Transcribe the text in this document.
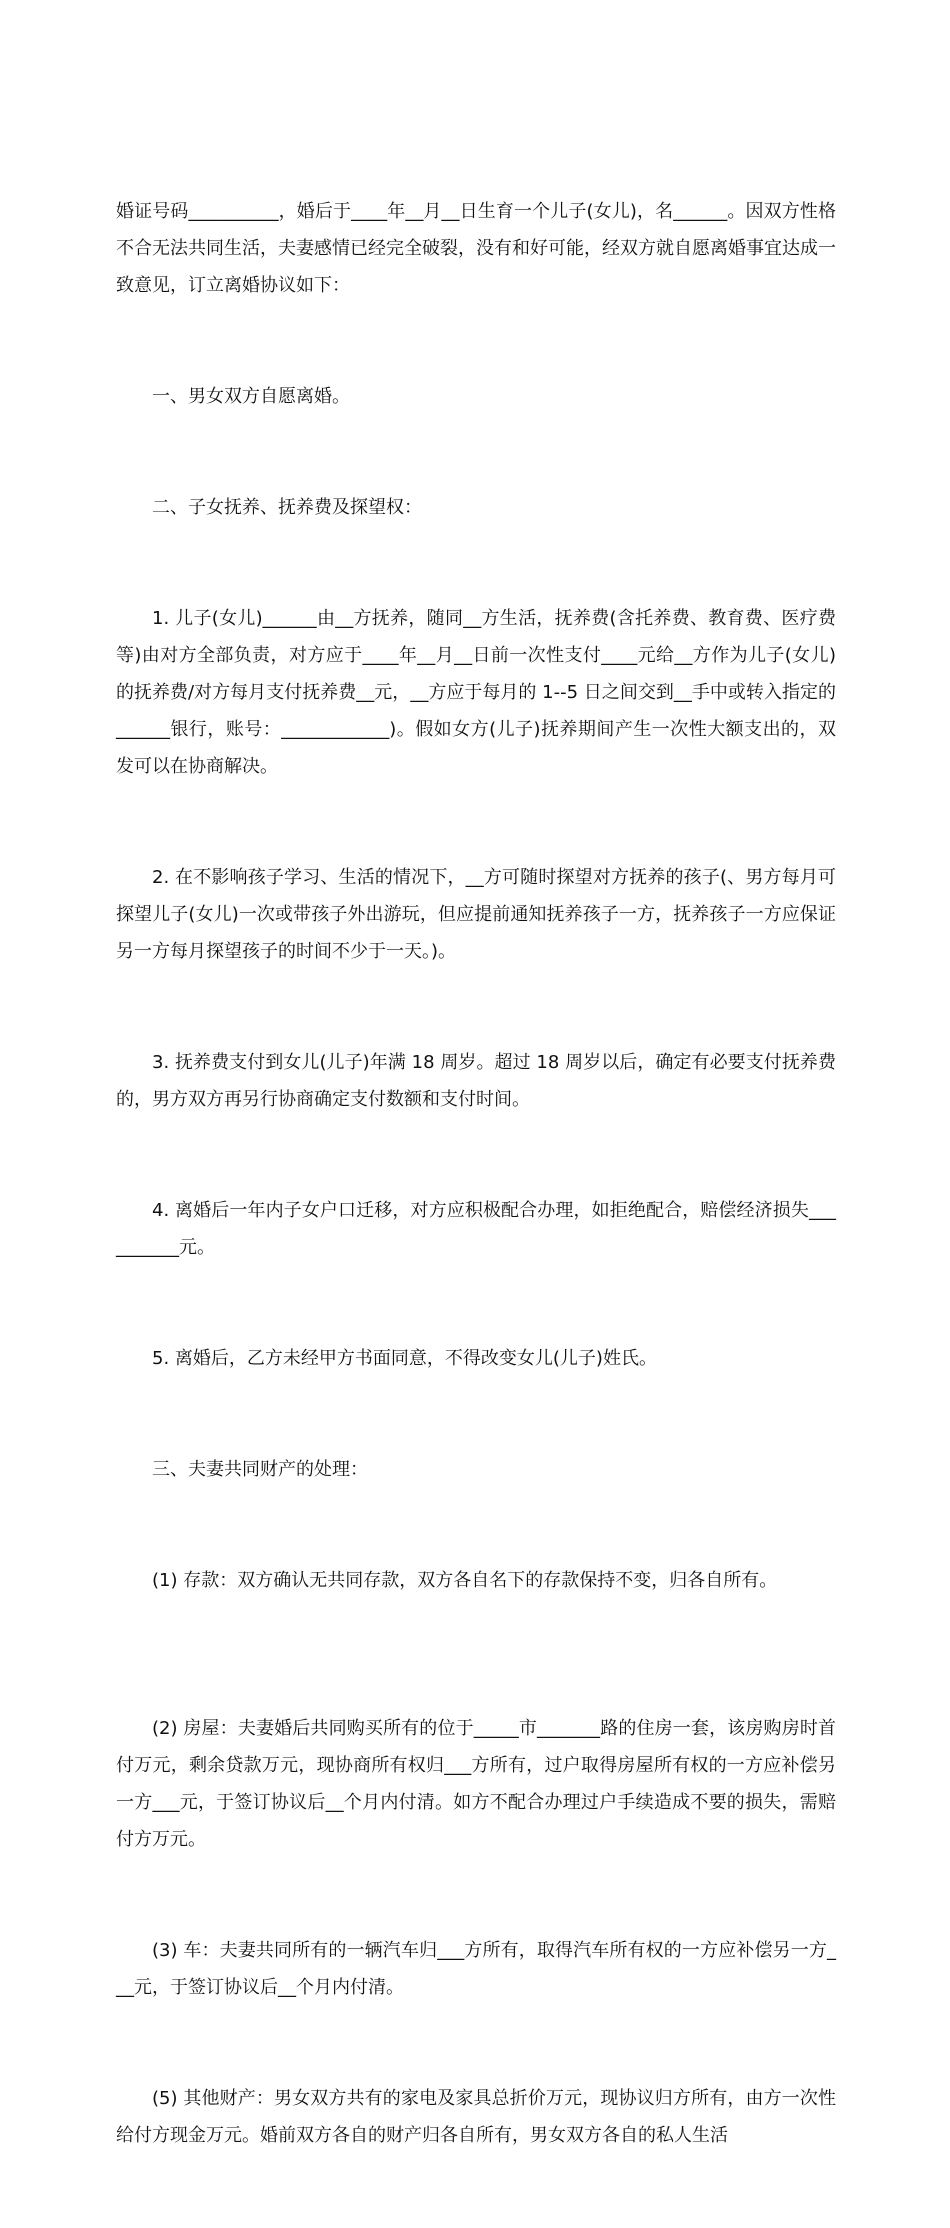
婚证号码__________，婚后于____年__月__日生育一个儿子(女儿)，名______。因双方性格不合无法共同生活，夫妻感情已经完全破裂，没有和好可能，经双方就自愿离婚事宜达成一致意见，订立离婚协议如下：

一、男女双方自愿离婚。

二、子女抚养、抚养费及探望权：

1. 儿子(女儿)______由__方抚养，随同__方生活，抚养费(含托养费、教育费、医疗费等)由对方全部负责，对方应于____年__月__日前一次性支付____元给__方作为儿子(女儿)的抚养费/对方每月支付抚养费__元，__方应于每月的 1--5 日之间交到__手中或转入指定的______银行，账号：____________)。假如女方(儿子)抚养期间产生一次性大额支出的，双发可以在协商解决。

2. 在不影响孩子学习、生活的情况下，__方可随时探望对方抚养的孩子(、男方每月可探望儿子(女儿)一次或带孩子外出游玩，但应提前通知抚养孩子一方，抚养孩子一方应保证另一方每月探望孩子的时间不少于一天。)。

3. 抚养费支付到女儿(儿子)年满 18 周岁。超过 18 周岁以后，确定有必要支付抚养费的，男方双方再另行协商确定支付数额和支付时间。

4. 离婚后一年内子女户口迁移，对方应积极配合办理，如拒绝配合，赔偿经济损失__________元。

5. 离婚后，乙方未经甲方书面同意，不得改变女儿(儿子)姓氏。

三、夫妻共同财产的处理：

(1) 存款：双方确认无共同存款，双方各自名下的存款保持不变，归各自所有。

(2) 房屋：夫妻婚后共同购买所有的位于_____市_______路的住房一套，该房购房时首付万元，剩余贷款万元，现协商所有权归___方所有，过户取得房屋所有权的一方应补偿另一方___元，于签订协议后__个月内付清。如方不配合办理过户手续造成不要的损失，需赔付方万元。

(3) 车：夫妻共同所有的一辆汽车归___方所有，取得汽车所有权的一方应补偿另一方___元，于签订协议后__个月内付清。

(5) 其他财产：男女双方共有的家电及家具总折价万元，现协议归方所有，由方一次性给付方现金万元。婚前双方各自的财产归各自所有，男女双方各自的私人生活
